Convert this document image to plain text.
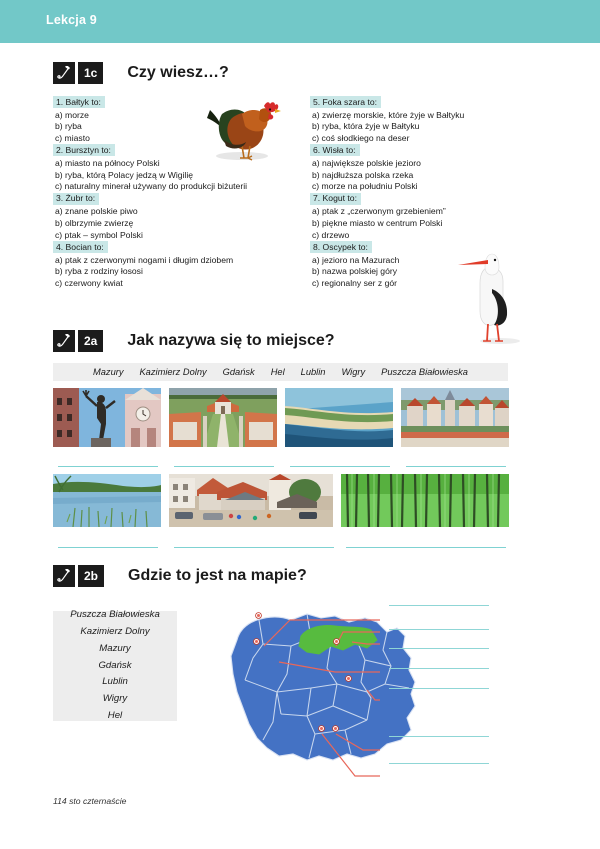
Lekcja 9
1c	Czy wiesz…?
1. Bałtyk to:
a) morze
b) ryba
c) miasto
2. Bursztyn to:
a) miasto na północy Polski
b) ryba, którą Polacy jedzą w Wigilię
c) naturalny minerał używany do produkcji biżuterii
3. Żubr to:
a) znane polskie piwo
b) olbrzymie zwierzę
c) ptak – symbol Polski
4. Bocian to:
a) ptak z czerwonymi nogami i długim dziobem
b) ryba z rodziny łososi
c) czerwony kwiat
5. Foka szara to:
a) zwierzę morskie, które żyje w Bałtyku
b) ryba, która żyje w Bałtyku
c) coś słodkiego na deser
6. Wisła to:
a) największe polskie jezioro
b) najdłuższa polska rzeka
c) morze na południu Polski
7. Kogut to:
a) ptak z „czerwonym grzebieniem”
b) piękne miasto w centrum Polski
c) drzewo
8. Oscypek to:
a) jezioro na Mazurach
b) nazwa polskiej góry
c) regionalny ser z gór
2a	Jak nazywa się to miejsce?
Mazury Kazimierz Dolny Gdańsk Hel Lublin Wigry Puszcza Białowieska
2b	Gdzie to jest na mapie?
Puszcza Białowieska
Kazimierz Dolny
Mazury
Gdańsk
Lublin
Wigry
Hel
114 sto czternaście
